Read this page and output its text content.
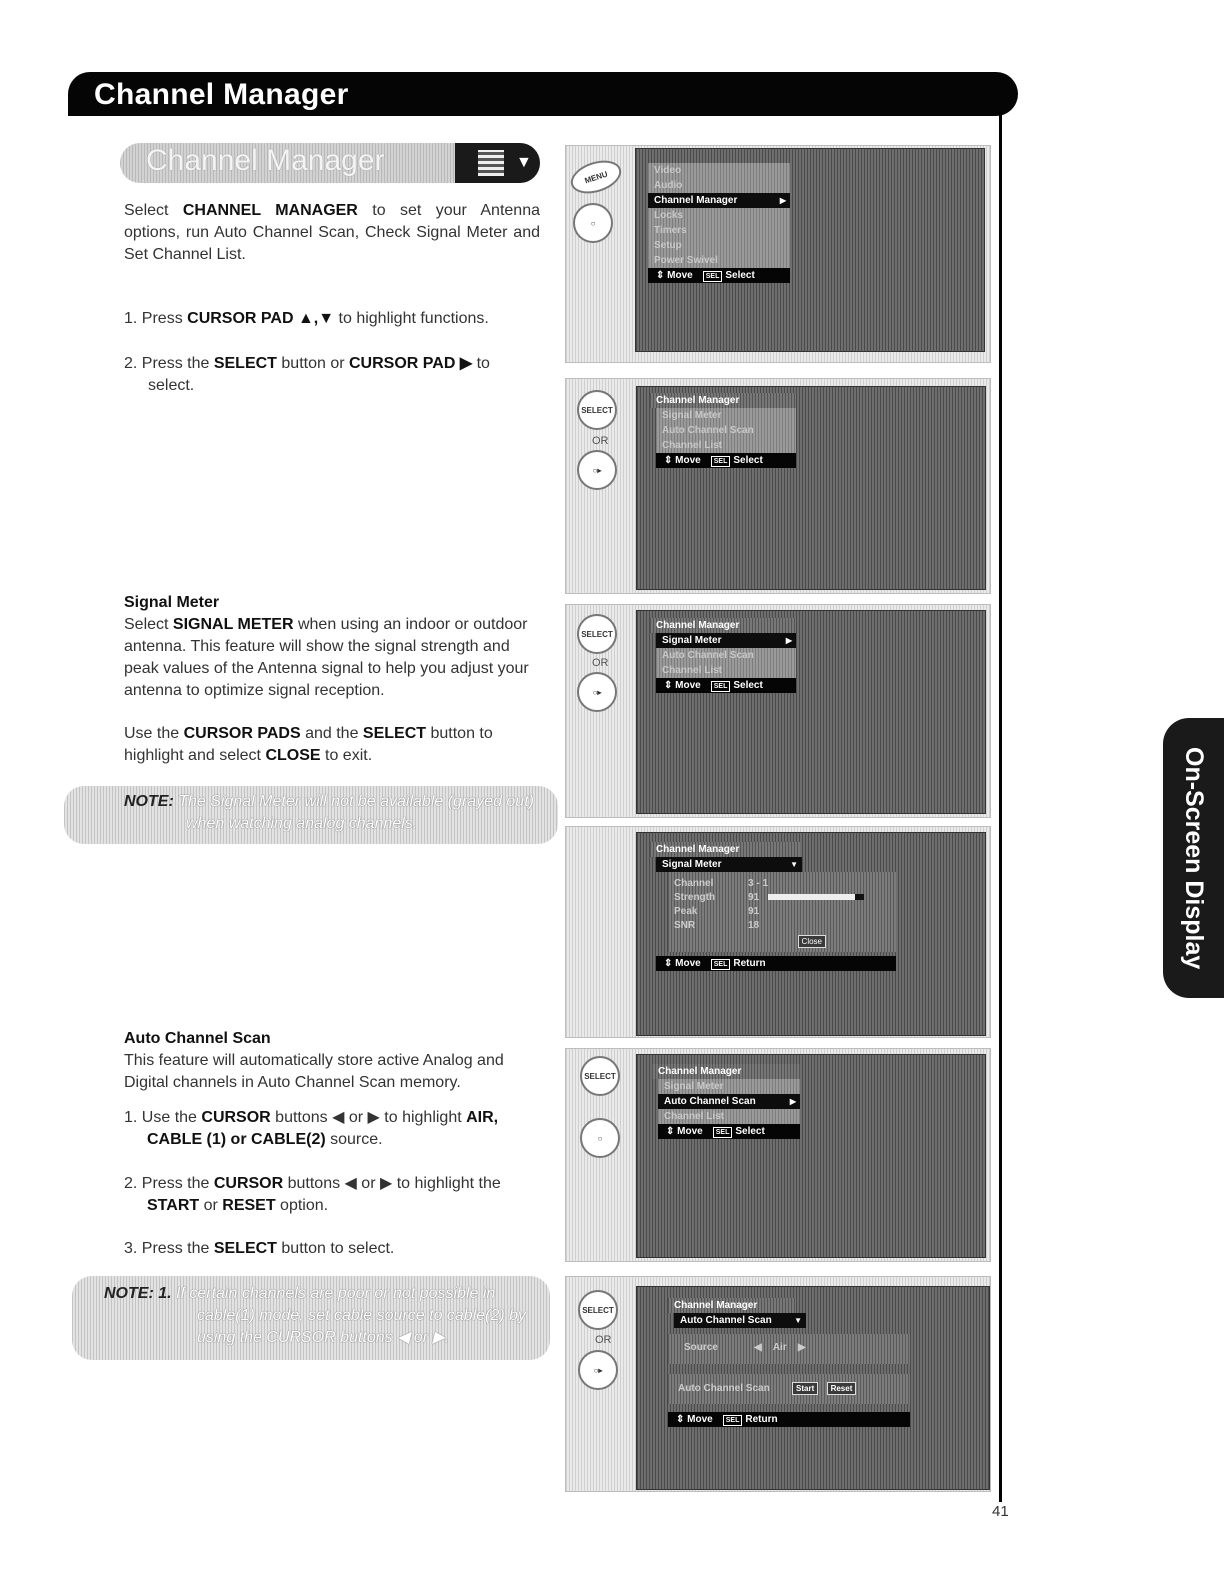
Channel Manager
On-Screen Display
Channel Manager	▼
Select CHANNEL MANAGER to set your Antenna options, run Auto Channel Scan, Check Signal Meter and Set Channel List.
1. Press CURSOR PAD ▲,▼ to highlight functions.
2. Press the SELECT button or CURSOR PAD ▶ to select.
Signal Meter
Select SIGNAL METER when using an indoor or outdoor antenna. This feature will show the signal strength and peak values of the Antenna signal to help you adjust your antenna to optimize signal reception.
Use the CURSOR PADS and the SELECT button to highlight and select CLOSE to exit.
NOTE: The Signal Meter will not be available (grayed out) when watching analog channels.
Auto Channel Scan
This feature will automatically store active Analog and Digital channels in Auto Channel Scan memory.
1. Use the CURSOR buttons ◀ or ▶ to highlight AIR, CABLE (1) or CABLE(2) source.
2. Press the CURSOR buttons ◀ or ▶ to highlight the START or RESET option.
3. Press the SELECT button to select.
NOTE: 1. If certain channels are poor or not possible in cable(1) mode, set cable source to cable(2) by using the CURSOR buttons ◀ or ▶.
MENU
○
Video
Audio
Channel Manager	▶
Locks
Timers
Setup
Power Swivel
⇕ Move SEL Select
SELECT
OR
○▸
Channel Manager
Signal Meter
Auto Channel Scan
Channel List
⇕ Move SEL Select
SELECT
OR
○▸
Channel Manager
Signal Meter	▶
Auto Channel Scan
Channel List
⇕ Move SEL Select
Channel Manager
Signal Meter	▼
Channel	3 - 1
Strength	91
Peak	91
SNR	18
Close
⇕ Move SEL Return
SELECT
○
Channel Manager
Signal Meter
Auto Channel Scan	▶
Channel List
⇕ Move SEL Select
SELECT
OR
○▸
Channel Manager
Auto Channel Scan	▼
Source	◀ Air ▶
Auto Channel Scan	Start Reset
⇕ Move SEL Return
41
